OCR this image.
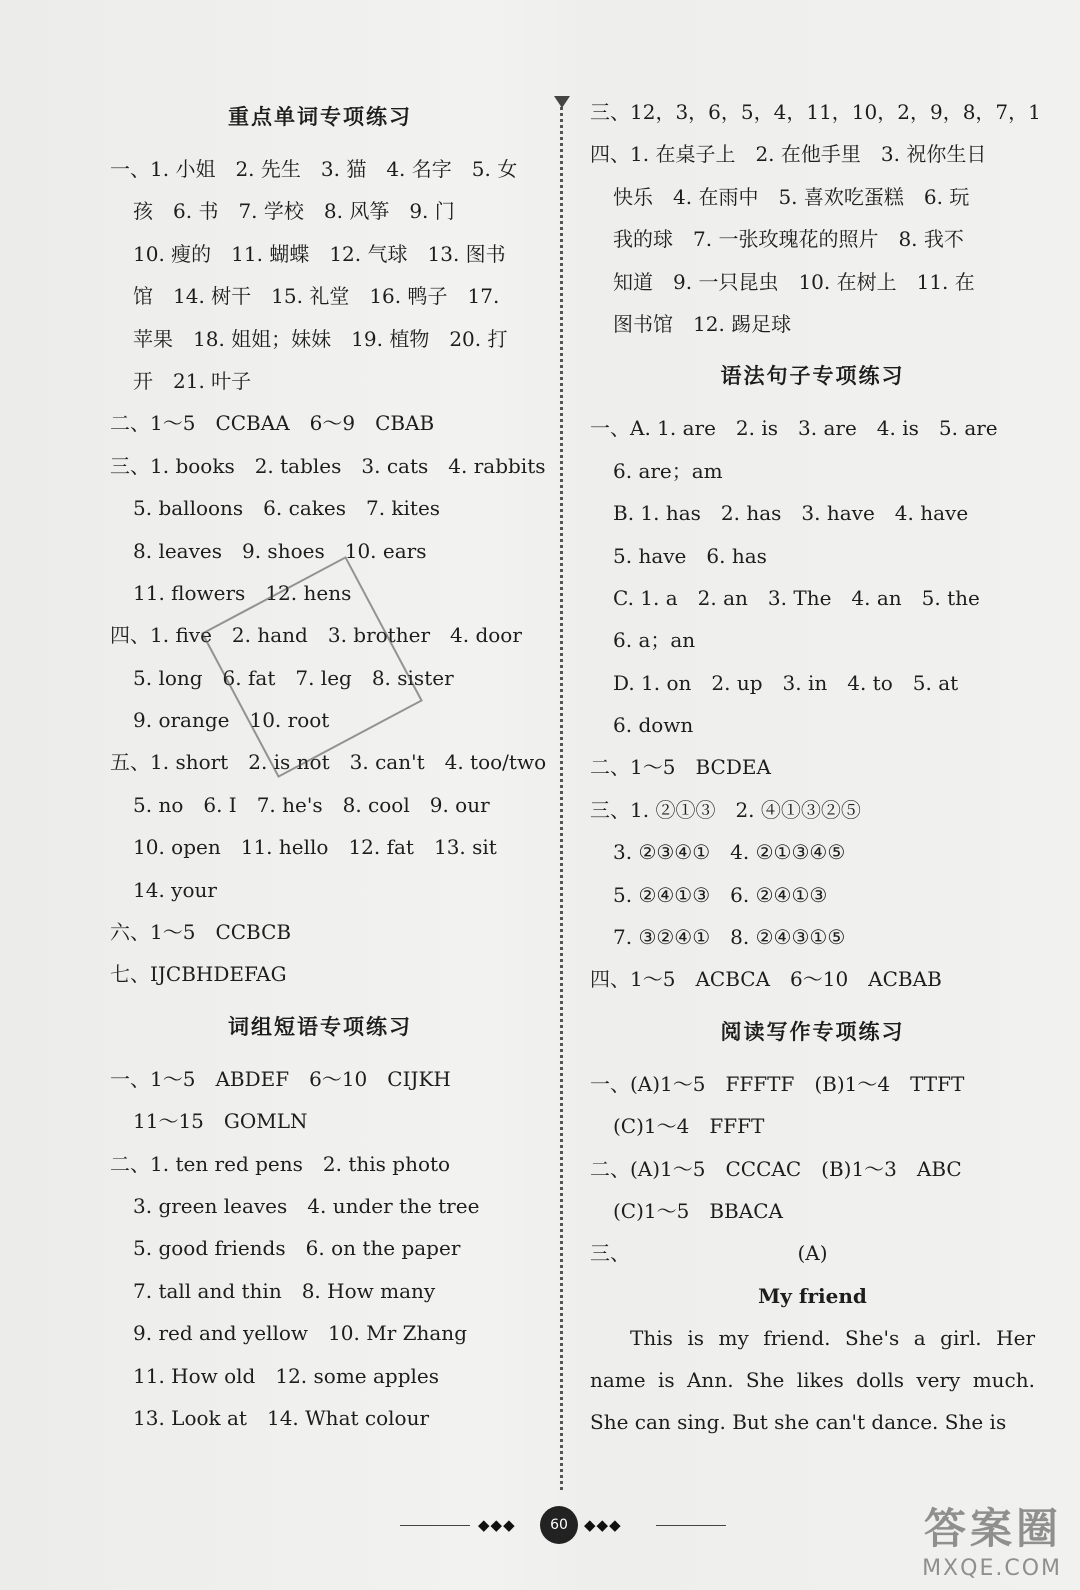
重点单词专项练习
一、1. 小姐　2. 先生　3. 猫　4. 名字　5. 女
孩　6. 书　7. 学校　8. 风筝　9. 门
10. 瘦的　11. 蝴蝶　12. 气球　13. 图书
馆　14. 树干　15. 礼堂　16. 鸭子　17.
苹果　18. 姐姐；妹妹　19. 植物　20. 打
开　21. 叶子
二、1～5　CCBAA　6～9　CBAB
三、1. books　2. tables　3. cats　4. rabbits
5. balloons　6. cakes　7. kites
8. leaves　9. shoes　10. ears
11. flowers　12. hens
四、1. five　2. hand　3. brother　4. door
5. long　6. fat　7. leg　8. sister
9. orange　10. root
五、1. short　2. is not　3. can't　4. too/two
5. no　6. I　7. he's　8. cool　9. our
10. open　11. hello　12. fat　13. sit
14. your
六、1～5　CCBCB
七、IJCBHDEFAG
词组短语专项练习
一、1～5　ABDEF　6～10　CIJKH
11～15　GOMLN
二、1. ten red pens　2. this photo
3. green leaves　4. under the tree
5. good friends　6. on the paper
7. tall and thin　8. How many
9. red and yellow　10. Mr Zhang
11. How old　12. some apples
13. Look at　14. What colour
三、12，3，6，5，4，11，10，2，9，8，7，1
四、1. 在桌子上　2. 在他手里　3. 祝你生日
快乐　4. 在雨中　5. 喜欢吃蛋糕　6. 玩
我的球　7. 一张玫瑰花的照片　8. 我不
知道　9. 一只昆虫　10. 在树上　11. 在
图书馆　12. 踢足球
语法句子专项练习
一、A. 1. are　2. is　3. are　4. is　5. are
6. are；am
B. 1. has　2. has　3. have　4. have
5. have　6. has
C. 1. a　2. an　3. The　4. an　5. the
6. a；an
D. 1. on　2. up　3. in　4. to　5. at
6. down
二、1～5　BCDEA
三、1. ②①③　2. ④①③②⑤
3. ②③④①　4. ②①③④⑤
5. ②④①③　6. ②④①③
7. ③②④①　8. ②④③①⑤
四、1～5　ACBCA　6～10　ACBAB
阅读写作专项练习
一、(A)1～5　FFFTF　(B)1～4　TTFT
(C)1～4　FFFT
二、(A)1～5　CCCAC　(B)1～3　ABC
(C)1～5　BBACA
三、	(A)
My friend
This is my friend. She's a girl. Her name is Ann. She likes dolls very much. She can sing. But she can't dance. She is
◆◆◆	60	◆◆◆	答案圈
MXQE.COM
